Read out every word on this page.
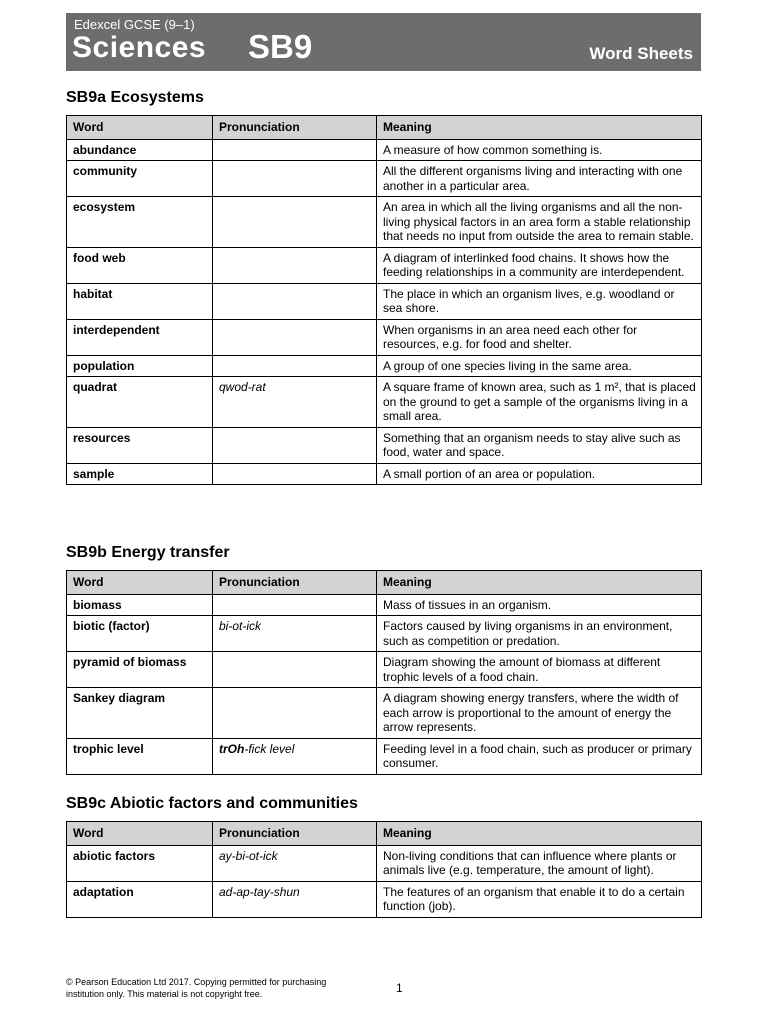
Edexcel GCSE (9–1)
Sciences SB9	Word Sheets
SB9a Ecosystems
Word	Pronunciation	Meaning
abundance		A measure of how common something is.
community		All the different organisms living and interacting with one another in a particular area.
ecosystem		An area in which all the living organisms and all the non-living physical factors in an area form a stable relationship that needs no input from outside the area to remain stable.
food web		A diagram of interlinked food chains. It shows how the feeding relationships in a community are interdependent.
habitat		The place in which an organism lives, e.g. woodland or sea shore.
interdependent		When organisms in an area need each other for resources, e.g. for food and shelter.
population		A group of one species living in the same area.
quadrat	qwod-rat	A square frame of known area, such as 1 m², that is placed on the ground to get a sample of the organisms living in a small area.
resources		Something that an organism needs to stay alive such as food, water and space.
sample		A small portion of an area or population.
SB9b Energy transfer
Word	Pronunciation	Meaning
biomass		Mass of tissues in an organism.
biotic (factor)	bi-ot-ick	Factors caused by living organisms in an environment, such as competition or predation.
pyramid of biomass		Diagram showing the amount of biomass at different trophic levels of a food chain.
Sankey diagram		A diagram showing energy transfers, where the width of each arrow is proportional to the amount of energy the arrow represents.
trophic level	trOh-fick level	Feeding level in a food chain, such as producer or primary consumer.
SB9c Abiotic factors and communities
Word	Pronunciation	Meaning
abiotic factors	ay-bi-ot-ick	Non-living conditions that can influence where plants or animals live (e.g. temperature, the amount of light).
adaptation	ad-ap-tay-shun	The features of an organism that enable it to do a certain function (job).
© Pearson Education Ltd 2017. Copying permitted for purchasing institution only. This material is not copyright free.	1
